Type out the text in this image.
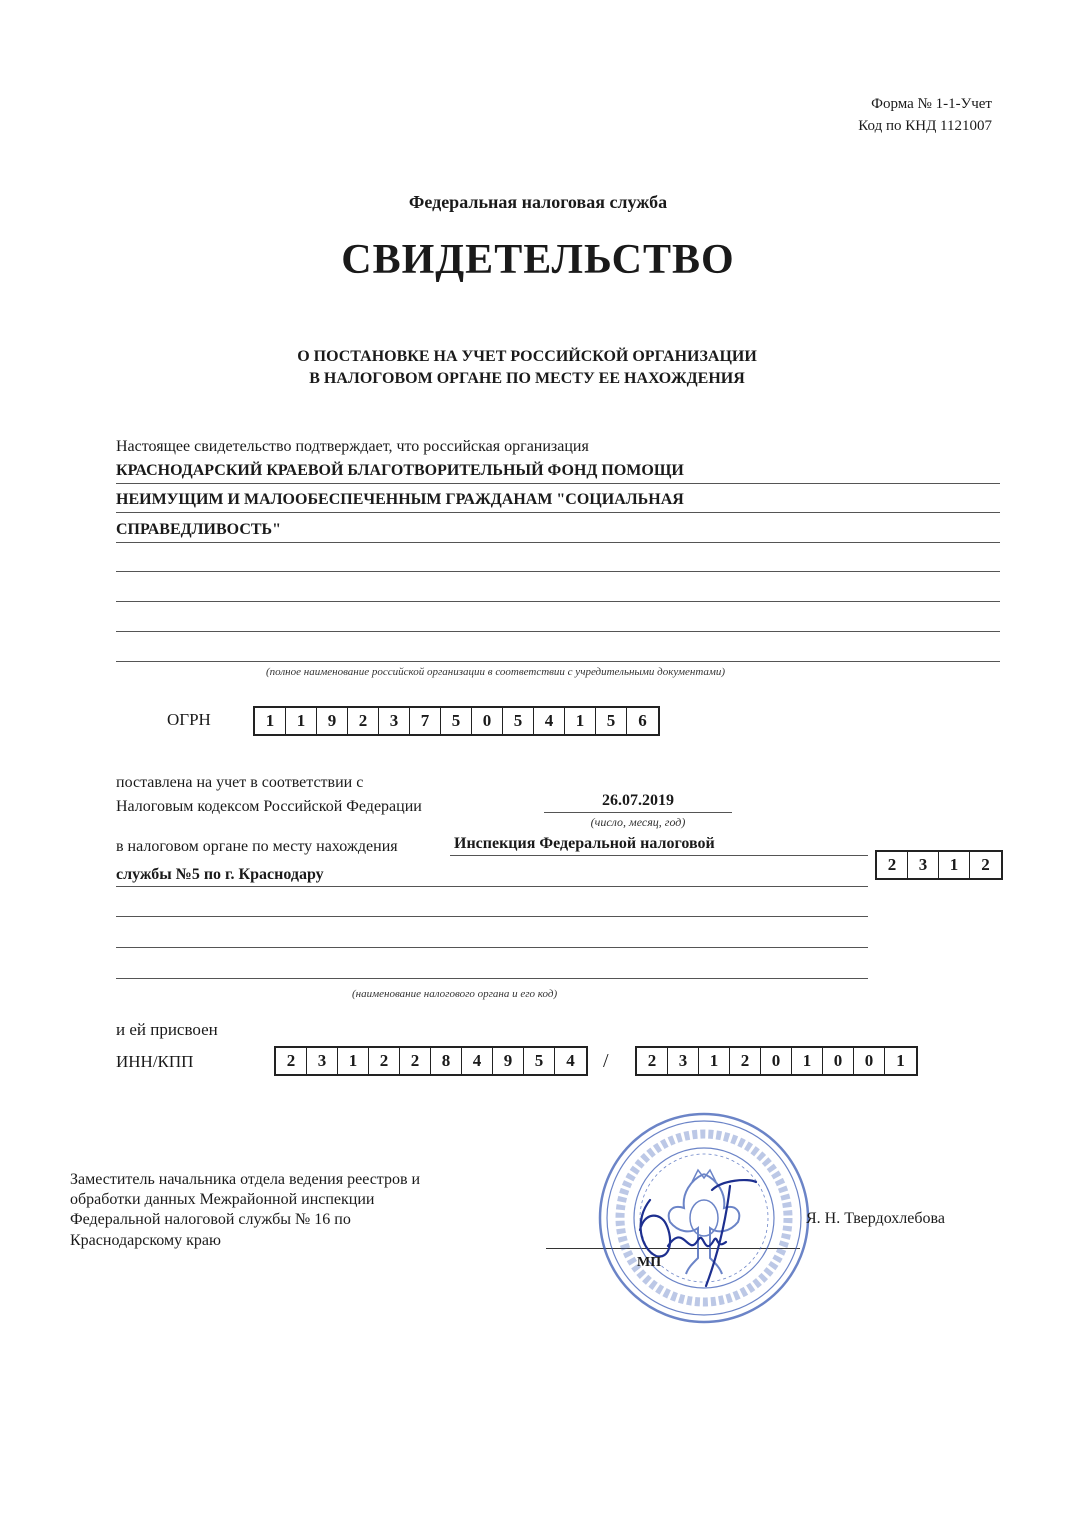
Форма № 1-1-Учет
Код по КНД 1121007
Федеральная налоговая служба
СВИДЕТЕЛЬСТВО
О ПОСТАНОВКЕ НА УЧЕТ РОССИЙСКОЙ ОРГАНИЗАЦИИ
В НАЛОГОВОМ ОРГАНЕ ПО МЕСТУ ЕЕ НАХОЖДЕНИЯ
Настоящее свидетельство подтверждает, что российская организация
КРАСНОДАРСКИЙ КРАЕВОЙ БЛАГОТВОРИТЕЛЬНЫЙ ФОНД ПОМОЩИ
НЕИМУЩИМ И МАЛООБЕСПЕЧЕННЫМ ГРАЖДАНАМ "СОЦИАЛЬНАЯ
СПРАВЕДЛИВОСТЬ"
(полное наименование российской организации в соответствии с учредительными документами)
ОГРН	1	1	9	2	3	7	5	0	5	4	1	5	6
поставлена на учет в соответствии с
Налоговым кодексом Российской Федерации	26.07.2019
(число, месяц, год)
в налоговом органе по месту нахождения	Инспекция Федеральной налоговой
службы №5 по г. Краснодару
(наименование налогового органа и его код)
2	3	1	2
и ей присвоен
ИНН/КПП	2	3	1	2	2	8	4	9	5	4	/	2	3	1	2	0	1	0	0	1
Заместитель начальника отдела ведения реестров и
обработки данных Межрайонной инспекции
Федеральной налоговой службы № 16 по
Краснодарскому краю
МП
Я. Н. Твердохлебова
